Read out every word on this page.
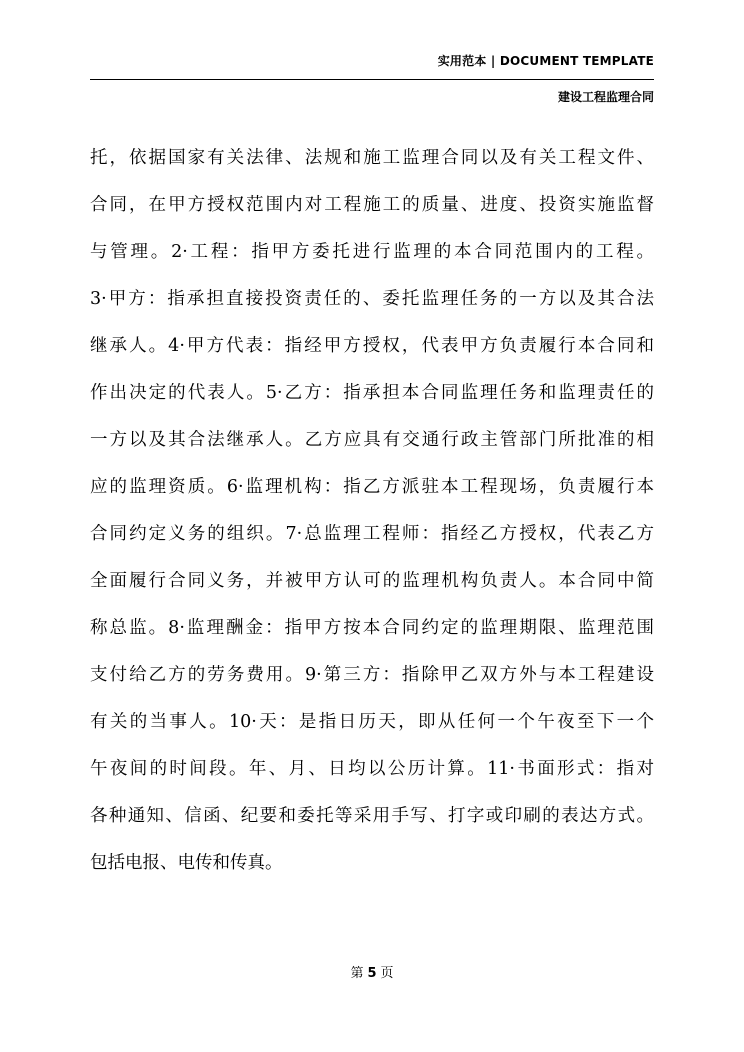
实用范本 | DOCUMENT TEMPLATE
建设工程监理合同
托，依据国家有关法律、法规和施工监理合同以及有关工程文件、
合同，在甲方授权范围内对工程施工的质量、进度、投资实施监督
与管理。2·工程：指甲方委托进行监理的本合同范围内的工程。
3·甲方：指承担直接投资责任的、委托监理任务的一方以及其合法
继承人。4·甲方代表：指经甲方授权，代表甲方负责履行本合同和
作出决定的代表人。5·乙方：指承担本合同监理任务和监理责任的
一方以及其合法继承人。乙方应具有交通行政主管部门所批准的相
应的监理资质。6·监理机构：指乙方派驻本工程现场，负责履行本
合同约定义务的组织。7·总监理工程师：指经乙方授权，代表乙方
全面履行合同义务，并被甲方认可的监理机构负责人。本合同中简
称总监。8·监理酬金：指甲方按本合同约定的监理期限、监理范围
支付给乙方的劳务费用。9·第三方：指除甲乙双方外与本工程建设
有关的当事人。10·天：是指日历天，即从任何一个午夜至下一个
午夜间的时间段。年、月、日均以公历计算。11·书面形式：指对
各种通知、信函、纪要和委托等采用手写、打字或印刷的表达方式。
包括电报、电传和传真。
第 5 页
